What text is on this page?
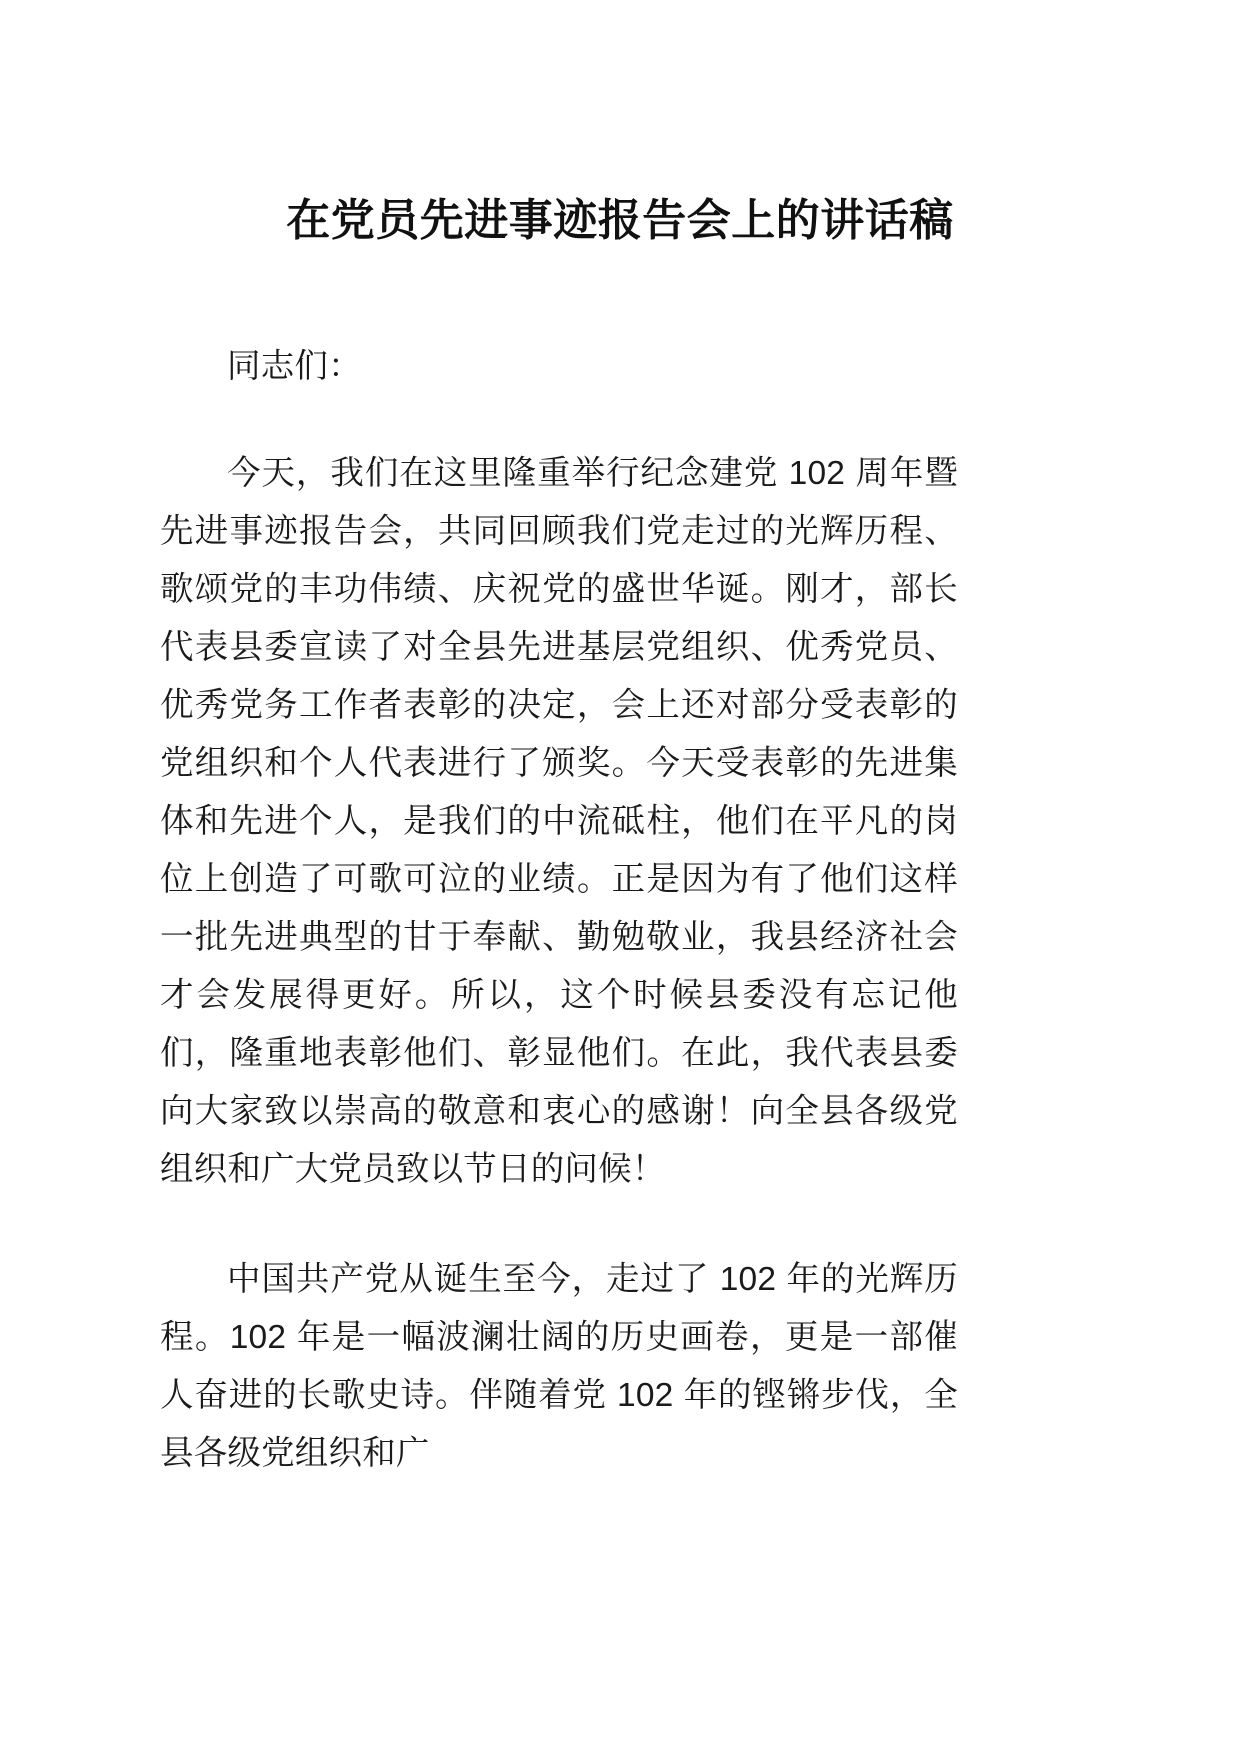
在党员先进事迹报告会上的讲话稿

同志们：

今天，我们在这里隆重举行纪念建党 102 周年暨先进事迹报告会，共同回顾我们党走过的光辉历程、歌颂党的丰功伟绩、庆祝党的盛世华诞。刚才，部长代表县委宣读了对全县先进基层党组织、优秀党员、优秀党务工作者表彰的决定，会上还对部分受表彰的党组织和个人代表进行了颁奖。今天受表彰的先进集体和先进个人，是我们的中流砥柱，他们在平凡的岗位上创造了可歌可泣的业绩。正是因为有了他们这样一批先进典型的甘于奉献、勤勉敬业，我县经济社会才会发展得更好。所以，这个时候县委没有忘记他们，隆重地表彰他们、彰显他们。在此，我代表县委向大家致以崇高的敬意和衷心的感谢！向全县各级党组织和广大党员致以节日的问候！

中国共产党从诞生至今，走过了 102 年的光辉历程。102 年是一幅波澜壮阔的历史画卷，更是一部催人奋进的长歌史诗。伴随着党 102 年的铿锵步伐，全县各级党组织和广
